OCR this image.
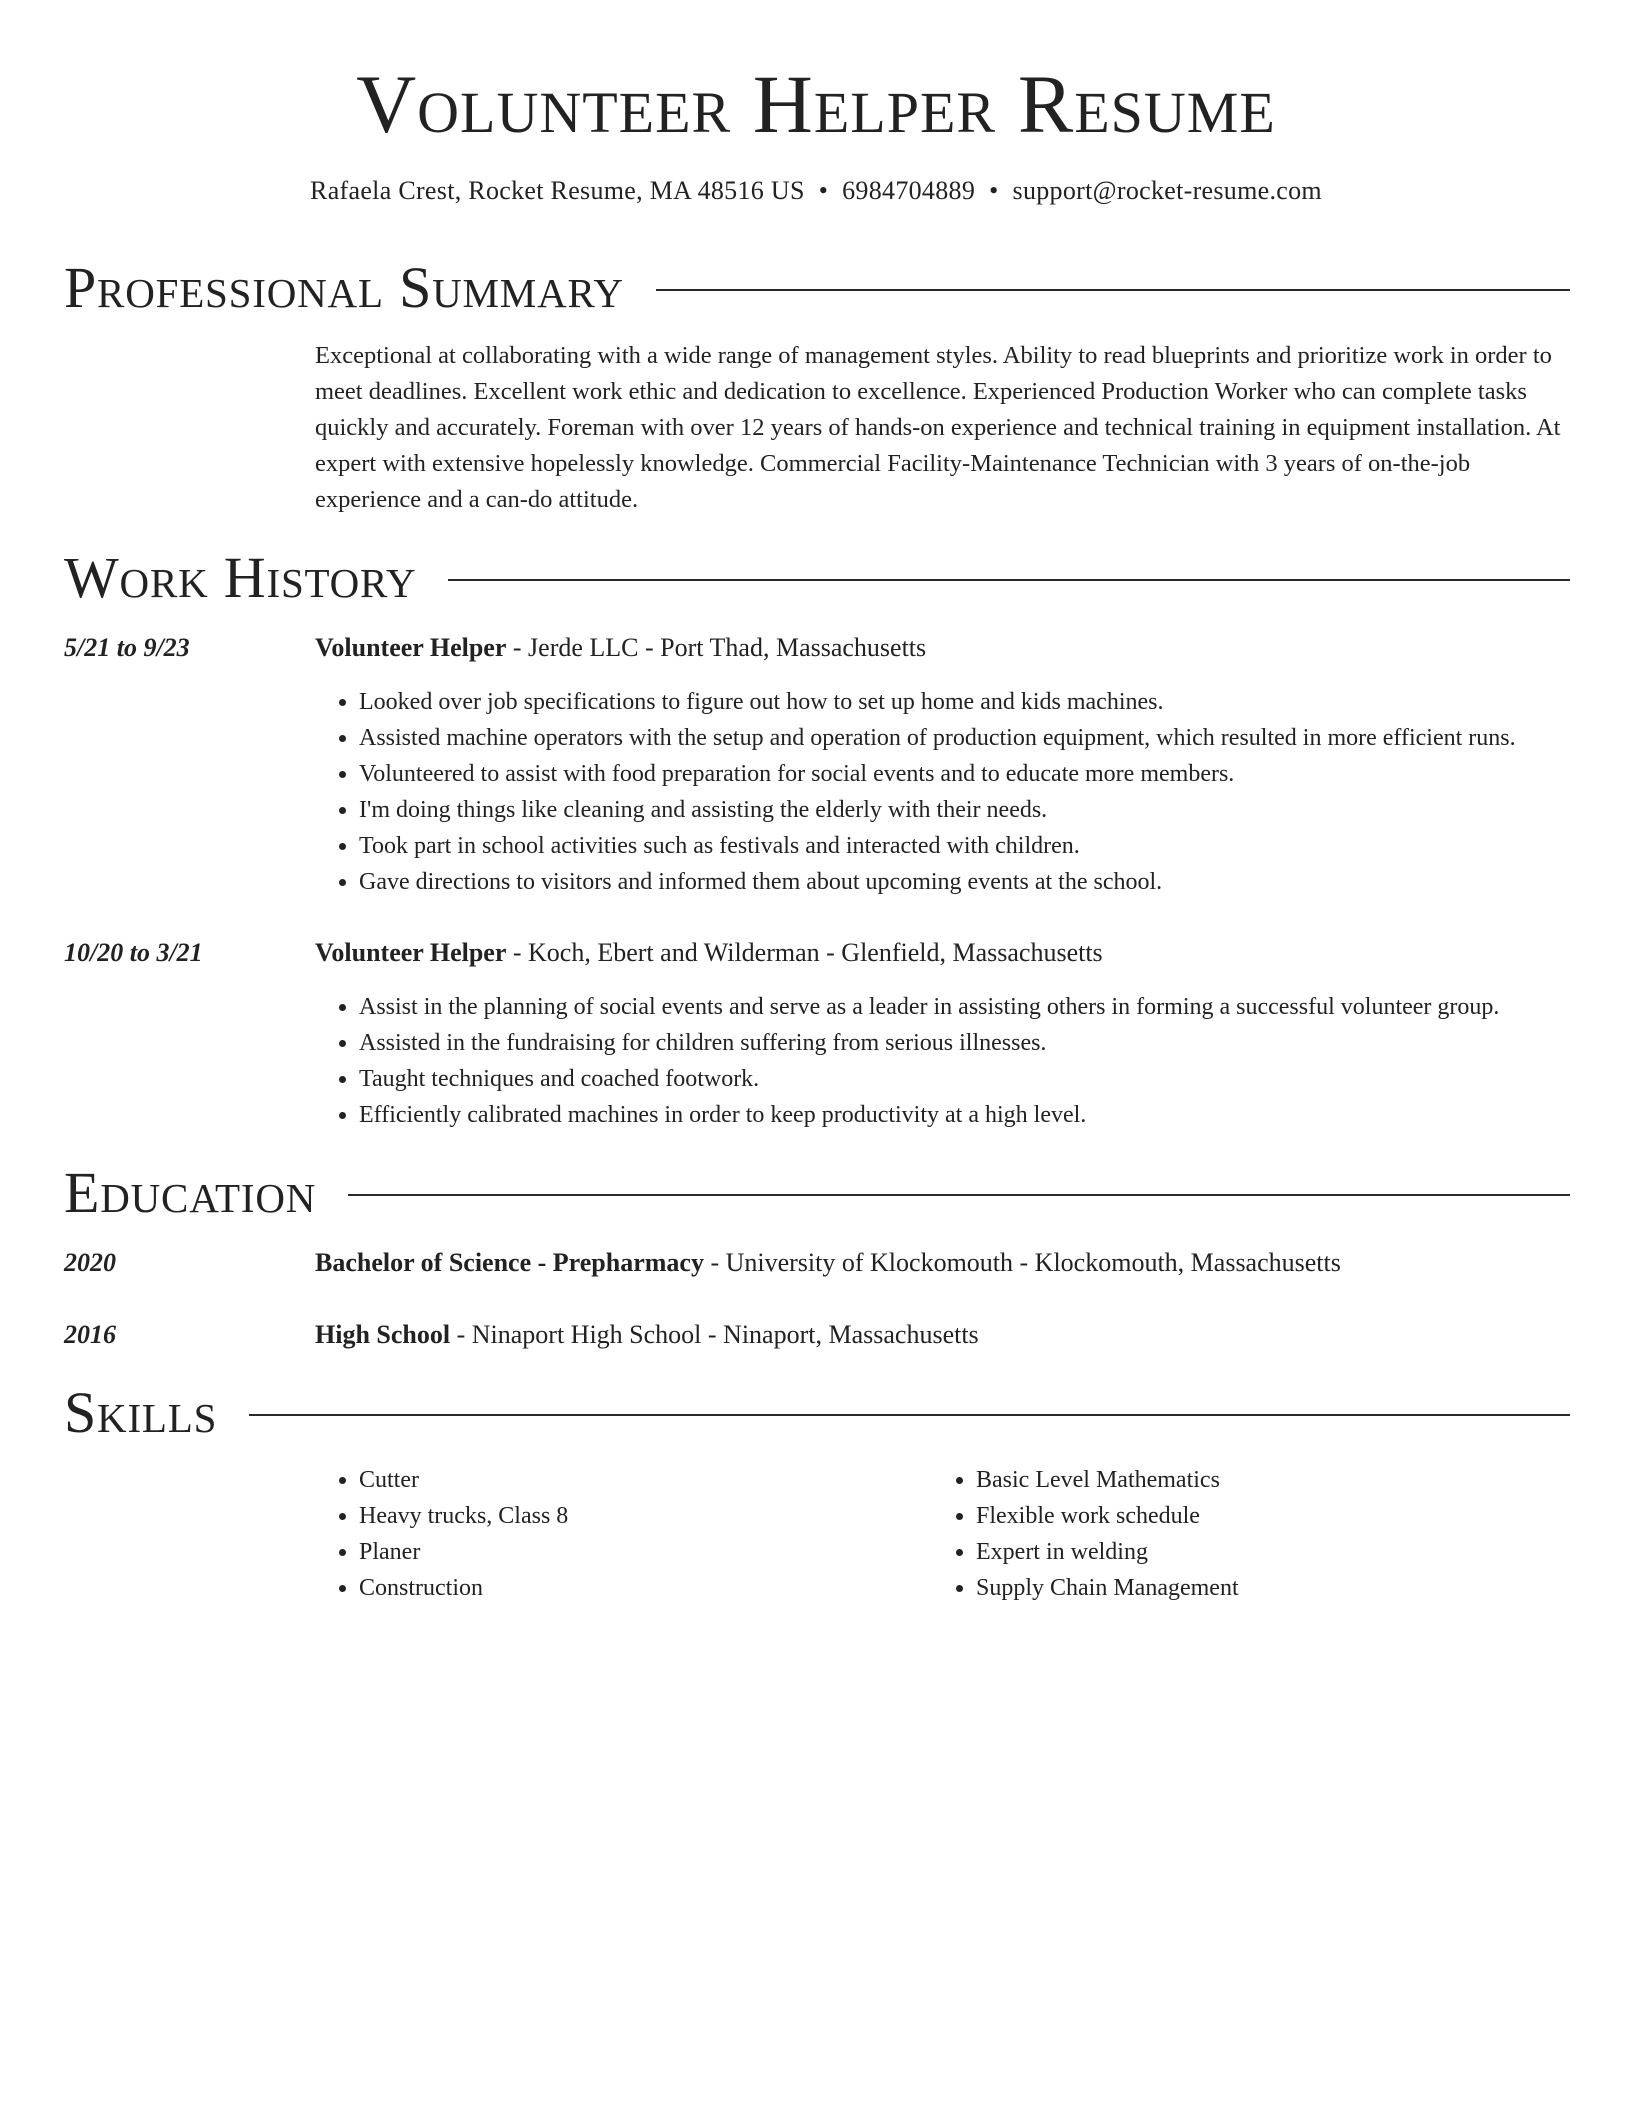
Volunteer Helper Resume
Rafaela Crest, Rocket Resume, MA 48516 US • 6984704889 • support@rocket-resume.com
Professional Summary
Exceptional at collaborating with a wide range of management styles. Ability to read blueprints and prioritize work in order to meet deadlines. Excellent work ethic and dedication to excellence. Experienced Production Worker who can complete tasks quickly and accurately. Foreman with over 12 years of hands-on experience and technical training in equipment installation. At expert with extensive hopelessly knowledge. Commercial Facility-Maintenance Technician with 3 years of on-the-job experience and a can-do attitude.
Work History
5/21 to 9/23	Volunteer Helper - Jerde LLC - Port Thad, Massachusetts
• Looked over job specifications to figure out how to set up home and kids machines.
• Assisted machine operators with the setup and operation of production equipment, which resulted in more efficient runs.
• Volunteered to assist with food preparation for social events and to educate more members.
• I'm doing things like cleaning and assisting the elderly with their needs.
• Took part in school activities such as festivals and interacted with children.
• Gave directions to visitors and informed them about upcoming events at the school.
10/20 to 3/21	Volunteer Helper - Koch, Ebert and Wilderman - Glenfield, Massachusetts
• Assist in the planning of social events and serve as a leader in assisting others in forming a successful volunteer group.
• Assisted in the fundraising for children suffering from serious illnesses.
• Taught techniques and coached footwork.
• Efficiently calibrated machines in order to keep productivity at a high level.
Education
2020	Bachelor of Science - Prepharmacy - University of Klockomouth - Klockomouth, Massachusetts
2016	High School - Ninaport High School - Ninaport, Massachusetts
Skills
• Cutter
• Heavy trucks, Class 8
• Planer
• Construction
• Basic Level Mathematics
• Flexible work schedule
• Expert in welding
• Supply Chain Management
